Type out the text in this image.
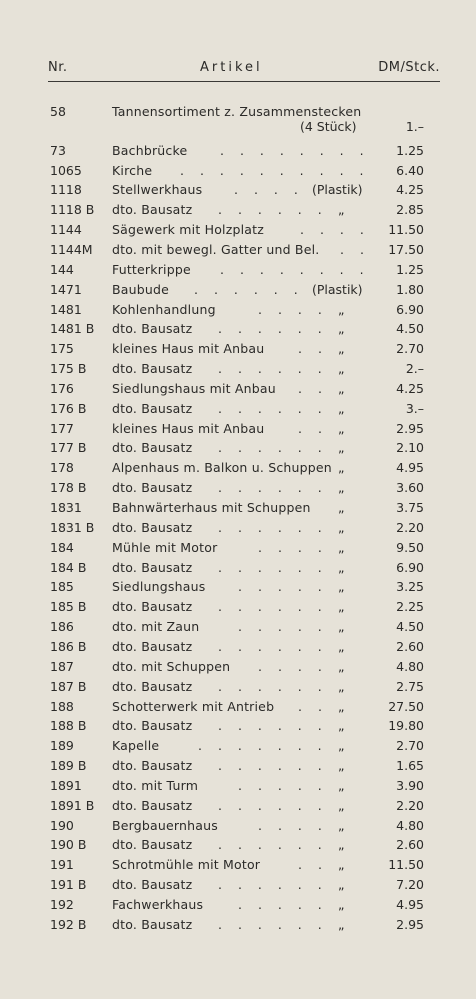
Nr.	Artikel	DM/Stck.
58	Tannensortiment z. Zusammenstecken
(4 Stück)	1.–
73	Bachbrücke	. . . . . . . . 1.25
1065 Kirche . . . . . . . . . . 6.40
1118 Stellwerkhaus	. . . . (Plastik)	4.25
1118 B dto. Bausatz . . . . . . „	2.85
1144 Sägewerk mit Holzplatz	. . . . 11.50
1144M dto. mit bewegl. Gatter und Bel. . . 17.50
144	Futterkrippe . . . . . . . . 1.25
1471 Baubude . . . . . . (Plastik)	1.80
1481 Kohlenhandlung	. . . . „	6.90
1481 B dto. Bausatz . . . . . . „	4.50
175	kleines Haus mit Anbau	. . „	2.70
175 B dto. Bausatz . . . . . . „	2.–
176	Siedlungshaus mit Anbau . . „	4.25
176 B dto. Bausatz . . . . . . „	3.–
177	kleines Haus mit Anbau	. . „	2.95
177 B dto. Bausatz . . . . . . „	2.10
178	Alpenhaus m. Balkon u. Schuppen „	4.95
178 B dto. Bausatz . . . . . . „	3.60
1831 Bahnwärterhaus mit Schuppen „	3.75
1831 B dto. Bausatz . . . . . . „	2.20
184	Mühle mit Motor	. . . . „	9.50
184 B dto. Bausatz . . . . . . „	6.90
185	Siedlungshaus	. . . . . „	3.25
185 B dto. Bausatz . . . . . . „	2.25
186	dto. mit Zaun	. . . . . „	4.50
186 B dto. Bausatz . . . . . . „	2.60
187	dto. mit Schuppen . . . . „	4.80
187 B dto. Bausatz . . . . . . „	2.75
188	Schotterwerk mit Antrieb . . „	27.50
188 B dto. Bausatz . . . . . . „	19.80
189	Kapelle	. . . . . . . „	2.70
189 B dto. Bausatz . . . . . . „	1.65
1891 dto. mit Turm	. . . . . „	3.90
1891 B dto. Bausatz . . . . . . „	2.20
190	Bergbauernhaus	. . . . „	4.80
190 B dto. Bausatz . . . . . . „	2.60
191	Schrotmühle mit Motor	. . „	11.50
191 B dto. Bausatz . . . . . . „	7.20
192	Fachwerkhaus	. . . . . „	4.95
192 B dto. Bausatz . . . . . . „	2.95
